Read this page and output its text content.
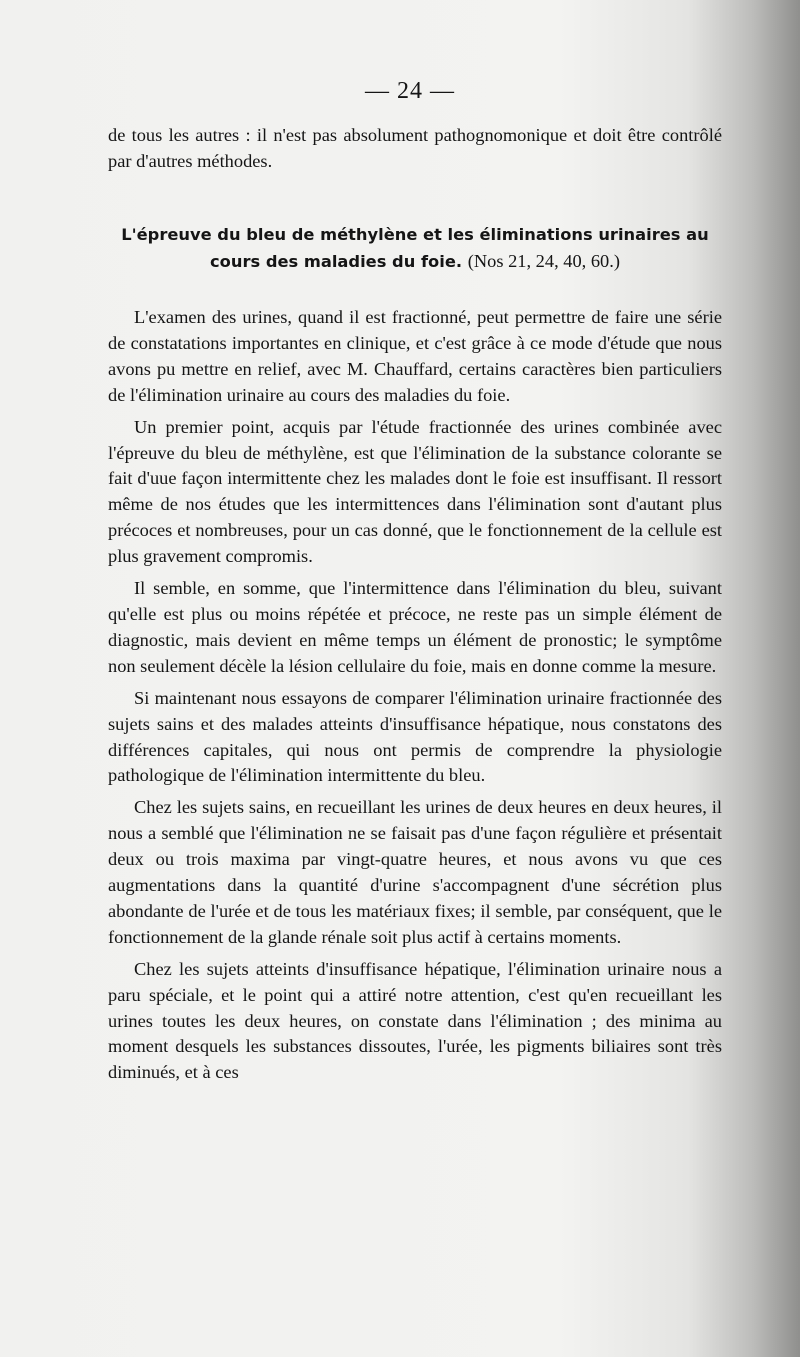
— 24 —

de tous les autres : il n'est pas absolument pathognomonique et doit être contrôlé par d'autres méthodes.

L'épreuve du bleu de méthylène et les éliminations urinaires au cours des maladies du foie. (Nos 21, 24, 40, 60.)

L'examen des urines, quand il est fractionné, peut permettre de faire une série de constatations importantes en clinique, et c'est grâce à ce mode d'étude que nous avons pu mettre en relief, avec M. Chauffard, certains caractères bien particuliers de l'élimination urinaire au cours des maladies du foie.

Un premier point, acquis par l'étude fractionnée des urines combinée avec l'épreuve du bleu de méthylène, est que l'élimination de la substance colorante se fait d'uue façon intermittente chez les malades dont le foie est insuffisant. Il ressort même de nos études que les intermittences dans l'élimination sont d'autant plus précoces et nombreuses, pour un cas donné, que le fonctionnement de la cellule est plus gravement compromis.

Il semble, en somme, que l'intermittence dans l'élimination du bleu, suivant qu'elle est plus ou moins répétée et précoce, ne reste pas un simple élément de diagnostic, mais devient en même temps un élément de pronostic; le symptôme non seulement décèle la lésion cellulaire du foie, mais en donne comme la mesure.

Si maintenant nous essayons de comparer l'élimination urinaire fractionnée des sujets sains et des malades atteints d'insuffisance hépatique, nous constatons des différences capitales, qui nous ont permis de comprendre la physiologie pathologique de l'élimination intermittente du bleu.

Chez les sujets sains, en recueillant les urines de deux heures en deux heures, il nous a semblé que l'élimination ne se faisait pas d'une façon régulière et présentait deux ou trois maxima par vingt-quatre heures, et nous avons vu que ces augmentations dans la quantité d'urine s'accompagnent d'une sécrétion plus abondante de l'urée et de tous les matériaux fixes; il semble, par conséquent, que le fonctionnement de la glande rénale soit plus actif à certains moments.

Chez les sujets atteints d'insuffisance hépatique, l'élimination urinaire nous a paru spéciale, et le point qui a attiré notre attention, c'est qu'en recueillant les urines toutes les deux heures, on constate dans l'élimination ; des minima au moment desquels les substances dissoutes, l'urée, les pigments biliaires sont très diminués, et à ces
